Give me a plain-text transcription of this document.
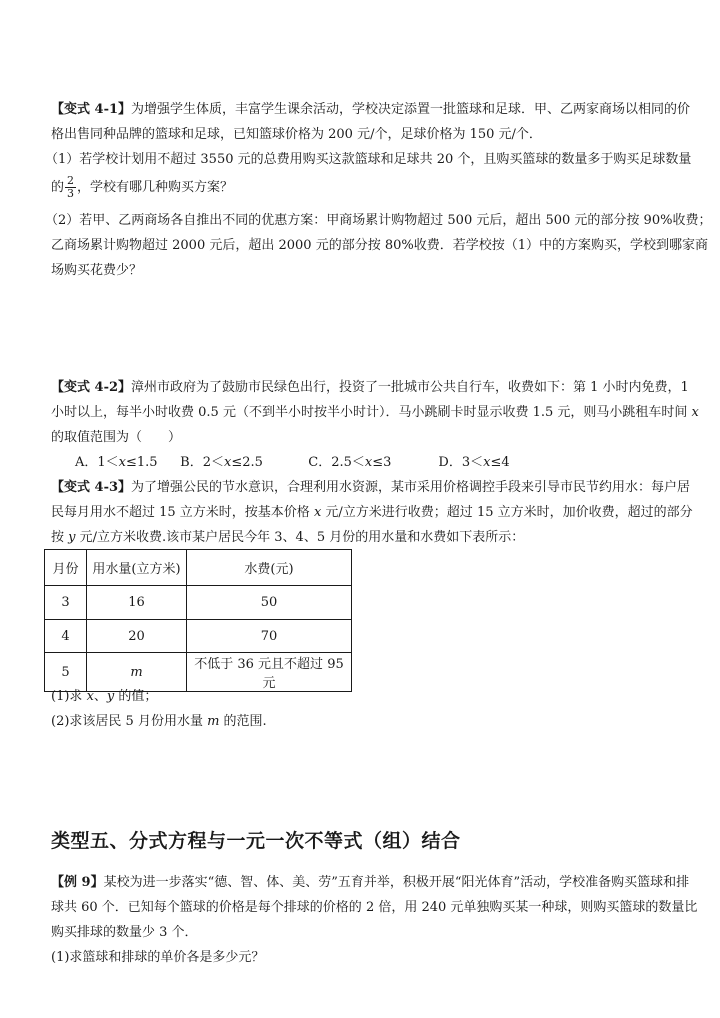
【变式 4-1】为增强学生体质，丰富学生课余活动，学校决定添置一批篮球和足球．甲、乙两家商场以相同的价
格出售同种品牌的篮球和足球，已知篮球价格为 200 元/个，足球价格为 150 元/个．
（1）若学校计划用不超过 3550 元的总费用购买这款篮球和足球共 20 个，且购买篮球的数量多于购买足球数量
的 $\frac{2}{3}$ ，学校有哪几种购买方案？
（2）若甲、乙两商场各自推出不同的优惠方案：甲商场累计购物超过 500 元后，超出 500 元的部分按 90%收费；
乙商场累计购物超过 2000 元后，超出 2000 元的部分按 80%收费．若学校按（1）中的方案购买，学校到哪家商
场购买花费少？
【变式 4-2】漳州市政府为了鼓励市民绿色出行，投资了一批城市公共自行车，收费如下：第 1 小时内免费，1
小时以上，每半小时收费 0.5 元（不到半小时按半小时计）．马小跳刷卡时显示收费 1.5 元，则马小跳租车时间 x
的取值范围为（　　）
A．1＜x≤1.5 B．2＜x≤2.5	C．2.5＜x≤3	D．3＜x≤4
【变式 4-3】为了增强公民的节水意识，合理利用水资源，某市采用价格调控手段来引导市民节约用水：每户居
民每月用水不超过 15 立方米时，按基本价格 x 元/立方米进行收费；超过 15 立方米时，加价收费，超过的部分
按 y 元/立方米收费.该市某户居民今年 3、4、5 月份的用水量和水费如下表所示：
月份	用水量(立方米)	水费(元)
3	16	50
4	20	70
5	m	不低于 36 元且不超过 95 元
(1)求 x、y 的值；
(2)求该居民 5 月份用水量 m 的范围.
类型五、分式方程与一元一次不等式（组）结合
【例 9】某校为进一步落实“德、智、体、美、劳”五育并举，积极开展“阳光体育”活动，学校准备购买篮球和排
球共 60 个．已知每个篮球的价格是每个排球的价格的 2 倍，用 240 元单独购买某一种球，则购买篮球的数量比
购买排球的数量少 3 个．
(1)求篮球和排球的单价各是多少元？
